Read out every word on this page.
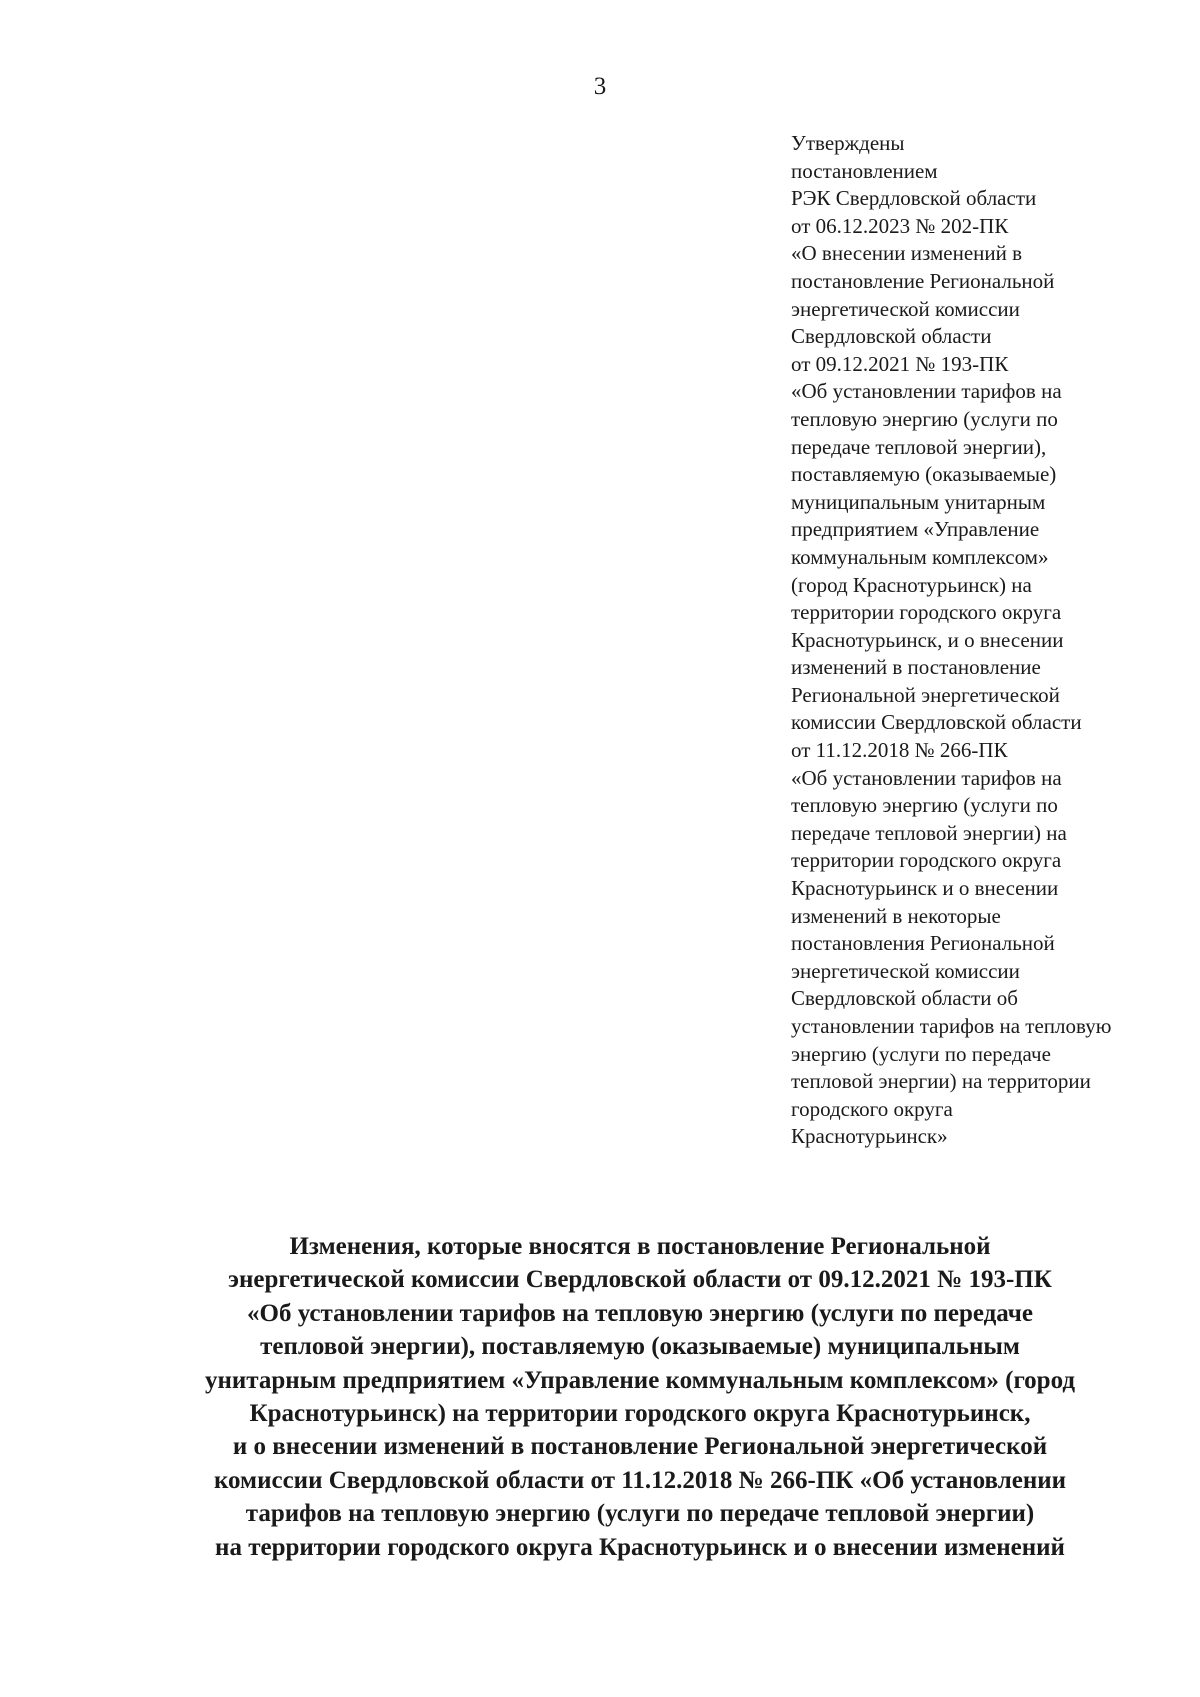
3
Утверждены
постановлением
РЭК Свердловской области
от 06.12.2023 № 202-ПК
«О внесении изменений в
постановление Региональной
энергетической комиссии
Свердловской области
от 09.12.2021 № 193-ПК
«Об установлении тарифов на
тепловую энергию (услуги по
передаче тепловой энергии),
поставляемую (оказываемые)
муниципальным унитарным
предприятием «Управление
коммунальным комплексом»
(город Краснотурьинск) на
территории городского округа
Краснотурьинск, и о внесении
изменений в постановление
Региональной энергетической
комиссии Свердловской области
от 11.12.2018 № 266-ПК
«Об установлении тарифов на
тепловую энергию (услуги по
передаче тепловой энергии) на
территории городского округа
Краснотурьинск и о внесении
изменений в некоторые
постановления Региональной
энергетической комиссии
Свердловской области об
установлении тарифов на тепловую
энергию (услуги по передаче
тепловой энергии) на территории
городского округа
Краснотурьинск»
Изменения, которые вносятся в постановление Региональной
энергетической комиссии Свердловской области от 09.12.2021 № 193-ПК
«Об установлении тарифов на тепловую энергию (услуги по передаче
тепловой энергии), поставляемую (оказываемые) муниципальным
унитарным предприятием «Управление коммунальным комплексом» (город
Краснотурьинск) на территории городского округа Краснотурьинск,
и о внесении изменений в постановление Региональной энергетической
комиссии Свердловской области от 11.12.2018 № 266-ПК «Об установлении
тарифов на тепловую энергию (услуги по передаче тепловой энергии)
на территории городского округа Краснотурьинск и о внесении изменений
